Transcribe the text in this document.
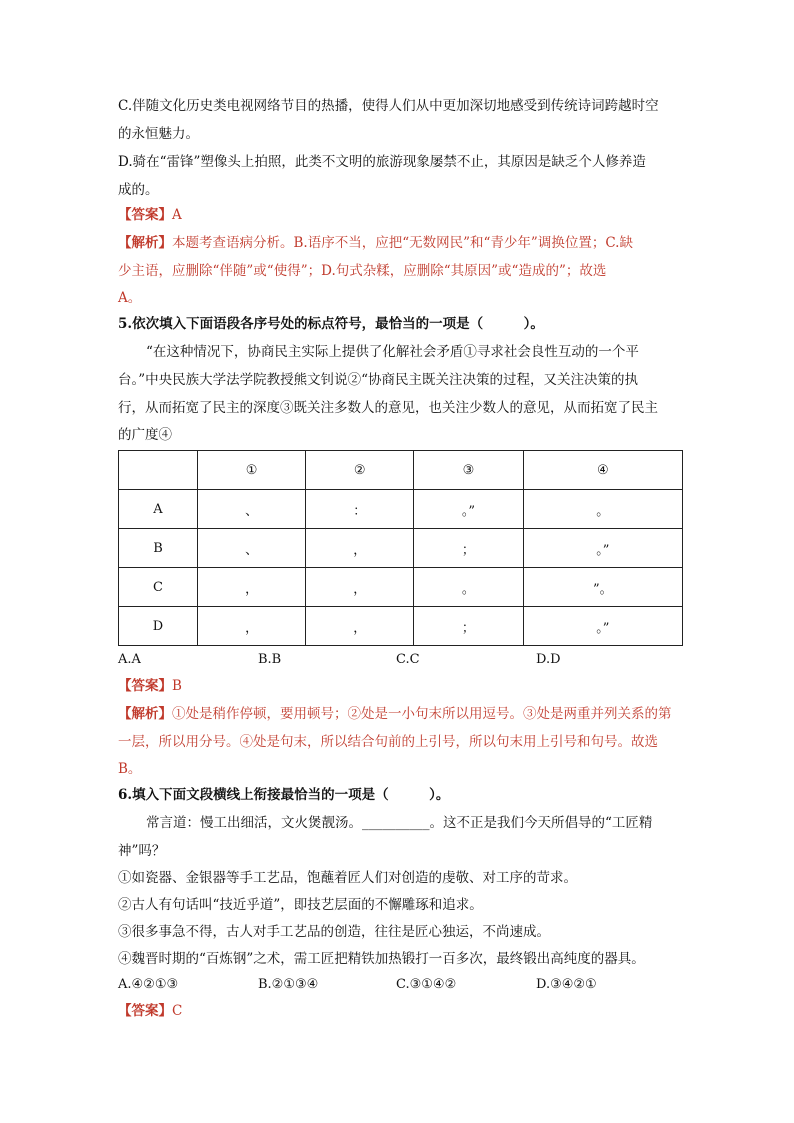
C.伴随文化历史类电视网络节目的热播，使得人们从中更加深切地感受到传统诗词跨越时空
的永恒魅力。
D.骑在“雷锋”塑像头上拍照，此类不文明的旅游现象屡禁不止，其原因是缺乏个人修养造
成的。
【答案】A
【解析】本题考查语病分析。B.语序不当，应把“无数网民”和“青少年”调换位置；C.缺
少主语，应删除“伴随”或“使得”；D.句式杂糅，应删除“其原因”或“造成的”；故选
A。
5.依次填入下面语段各序号处的标点符号，最恰当的一项是（　　　）。
“在这种情况下，协商民主实际上提供了化解社会矛盾①寻求社会良性互动的一个平
台。”中央民族大学法学院教授熊文钊说②“协商民主既关注决策的过程，又关注决策的执
行，从而拓宽了民主的深度③既关注多数人的意见，也关注少数人的意见，从而拓宽了民主
的广度④
	①	②	③	④
A	、	：	。”	。
B	、	，	；	。”
C	，	，	。	”。
D	，	，	；	。”
A.A	B.B	C.C	D.D
【答案】B
【解析】①处是稍作停顿，要用顿号；②处是一小句末所以用逗号。③处是两重并列关系的第
一层，所以用分号。④处是句末，所以结合句前的上引号，所以句末用上引号和句号。故选
B。
6.填入下面文段横线上衔接最恰当的一项是（　　　）。
常言道：慢工出细活，文火煲靓汤。__________。这不正是我们今天所倡导的“工匠精
神”吗？
①如瓷器、金银器等手工艺品，饱蘸着匠人们对创造的虔敬、对工序的苛求。
②古人有句话叫“技近乎道”，即技艺层面的不懈雕琢和追求。
③很多事急不得，古人对手工艺品的创造，往往是匠心独运，不尚速成。
④魏晋时期的“百炼钢”之术，需工匠把精铁加热锻打一百多次，最终锻出高纯度的器具。
A.④②①③	B.②①③④	C.③①④②	D.③④②①
【答案】C
